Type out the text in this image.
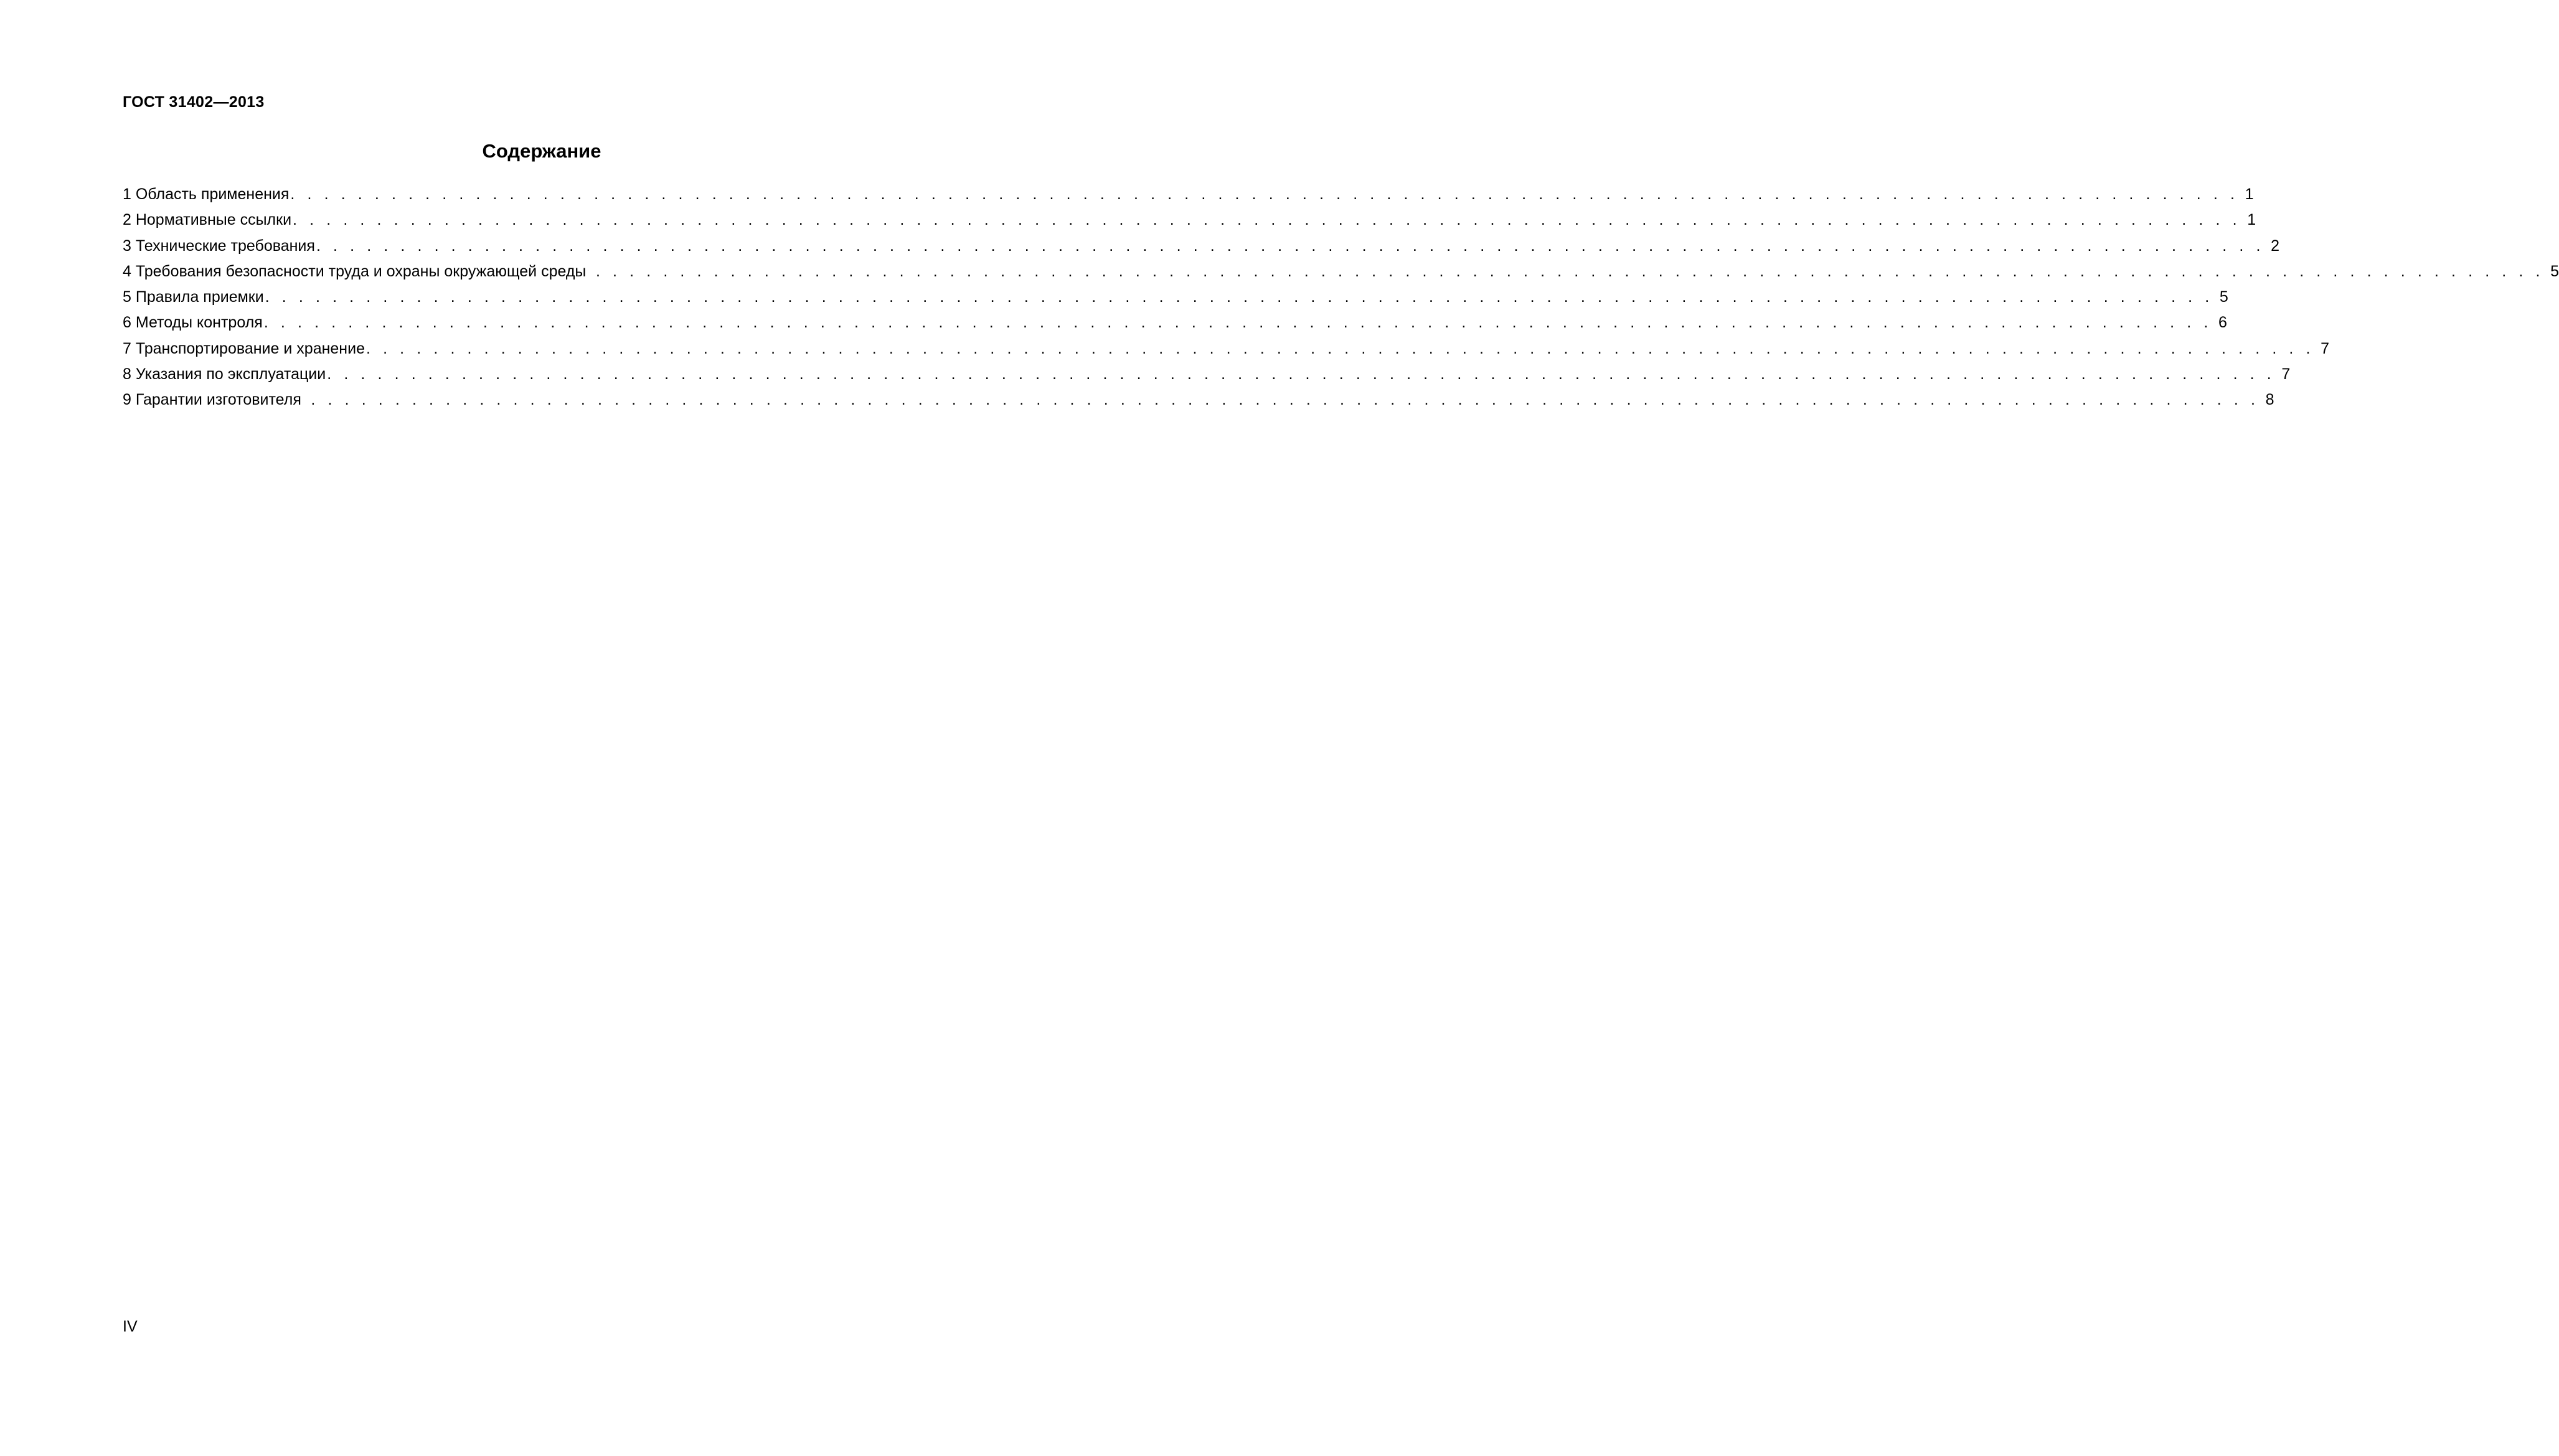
ГОСТ 31402—2013
Содержание
1 Область применения . . . . . . . . . . . . . . . . . . . . . . . . . . . . . . . . . . . . . . . . . . . . . . . . . . . . . . . . . . . . . . . . . . . . . . . . . . . . . . . . . . . . . . . . . . . . . . . . . . . . . . . . . . . . . . . . . . . . 1
2 Нормативные ссылки . . . . . . . . . . . . . . . . . . . . . . . . . . . . . . . . . . . . . . . . . . . . . . . . . . . . . . . . . . . . . . . . . . . . . . . . . . . . . . . . . . . . . . . . . . . . . . . . . . . . . . . . . . . . . . . . . . . . 1
3 Технические требования . . . . . . . . . . . . . . . . . . . . . . . . . . . . . . . . . . . . . . . . . . . . . . . . . . . . . . . . . . . . . . . . . . . . . . . . . . . . . . . . . . . . . . . . . . . . . . . . . . . . . . . . . . . . . . . . . . . . 2
4 Требования безопасности труда и охраны окружающей среды . . . . . . . . . . . . . . . . . . . . . . . . . . . . . . . . . . . . . . . . . . . . . . . . . . . . . . . . . . . . . . . . . . . . . . . . . . . . . . . . . . . . . . . . . . . . . . . . . . . . . . . . . . . . . . . . . . . . 5
5 Правила приемки . . . . . . . . . . . . . . . . . . . . . . . . . . . . . . . . . . . . . . . . . . . . . . . . . . . . . . . . . . . . . . . . . . . . . . . . . . . . . . . . . . . . . . . . . . . . . . . . . . . . . . . . . . . . . . . . . . . . 5
6 Методы контроля . . . . . . . . . . . . . . . . . . . . . . . . . . . . . . . . . . . . . . . . . . . . . . . . . . . . . . . . . . . . . . . . . . . . . . . . . . . . . . . . . . . . . . . . . . . . . . . . . . . . . . . . . . . . . . . . . . . . 6
7 Транспортирование и хранение . . . . . . . . . . . . . . . . . . . . . . . . . . . . . . . . . . . . . . . . . . . . . . . . . . . . . . . . . . . . . . . . . . . . . . . . . . . . . . . . . . . . . . . . . . . . . . . . . . . . . . . . . . . . . . . . . . . . 7
8 Указания по эксплуатации . . . . . . . . . . . . . . . . . . . . . . . . . . . . . . . . . . . . . . . . . . . . . . . . . . . . . . . . . . . . . . . . . . . . . . . . . . . . . . . . . . . . . . . . . . . . . . . . . . . . . . . . . . . . . . . . . . . . 7
9 Гарантии изготовителя . . . . . . . . . . . . . . . . . . . . . . . . . . . . . . . . . . . . . . . . . . . . . . . . . . . . . . . . . . . . . . . . . . . . . . . . . . . . . . . . . . . . . . . . . . . . . . . . . . . . . . . . . . . . . . . . . . . . 8
IV
